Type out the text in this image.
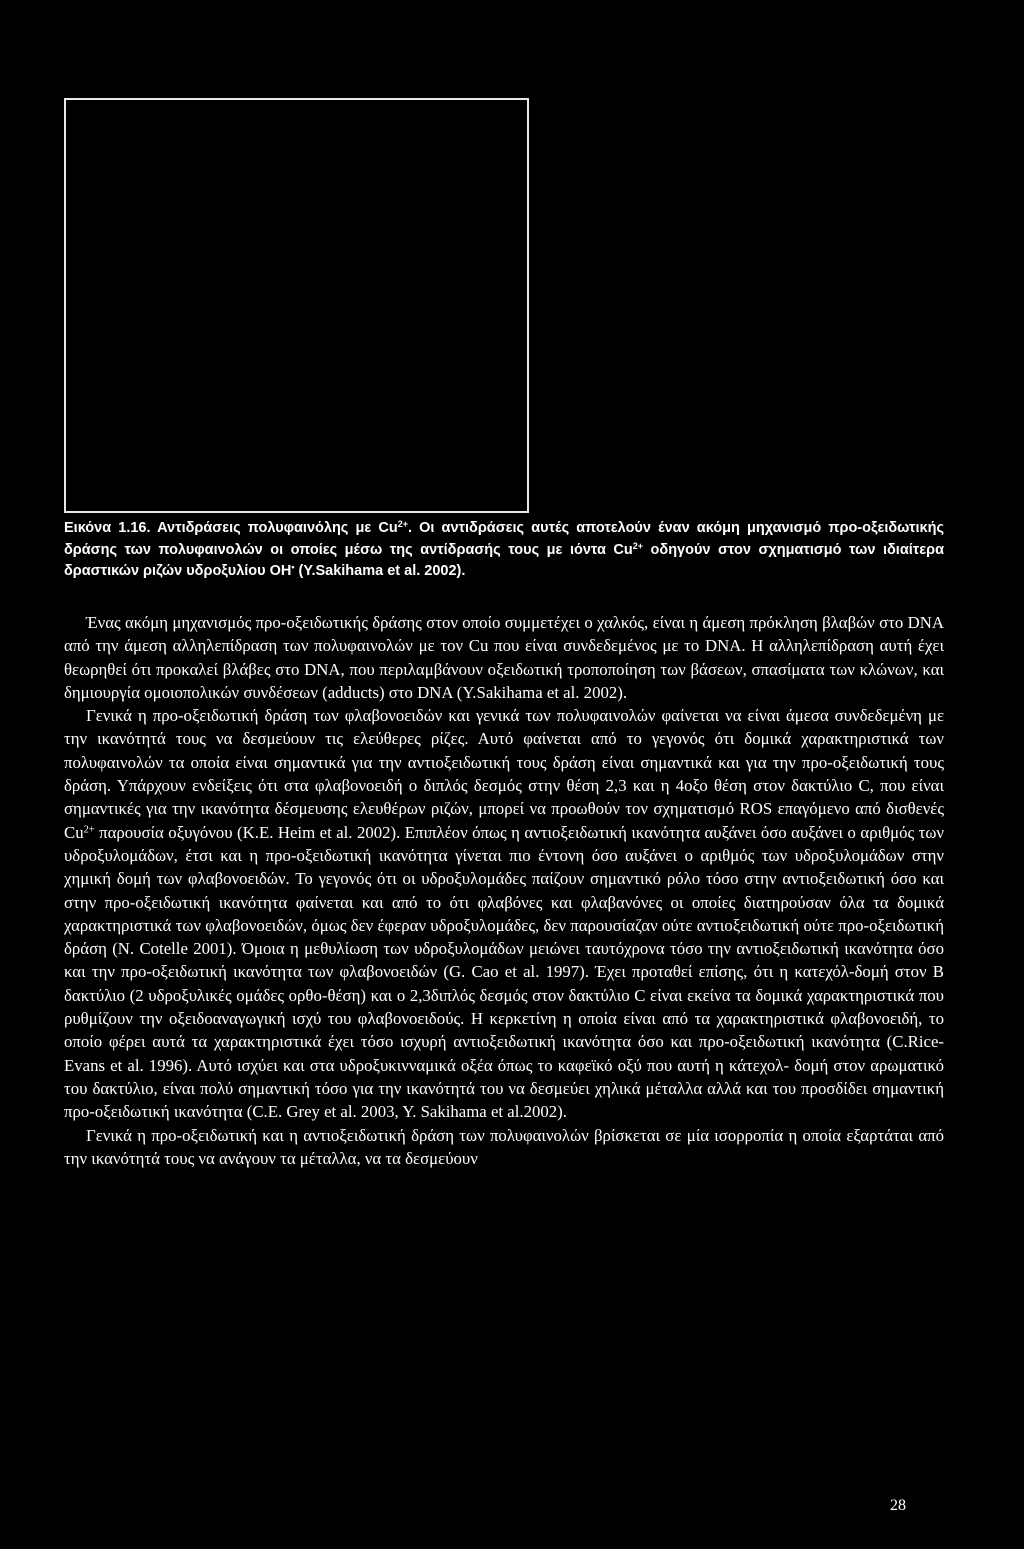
Εικόνα 1.16. Αντιδράσεις πολυφαινόλης με $Cu^{2+}$. Οι αντιδράσεις αυτές αποτελούν έναν ακόμη μηχανισμό προ-οξειδωτικής δράσης των πολυφαινολών οι οποίες μέσω της αντίδρασής τους με ιόντα $Cu^{2+}$ οδηγούν στον σχηματισμό των ιδιαίτερα δραστικών ριζών υδροξυλίου OH• (Y.Sakihama et al. 2002).

Ένας ακόμη μηχανισμός προ-οξειδωτικής δράσης στον οποίο συμμετέχει ο χαλκός, είναι η άμεση πρόκληση βλαβών στο DNA από την άμεση αλληλεπίδραση των πολυφαινολών με τον Cu που είναι συνδεδεμένος με το DNA. Η αλληλεπίδραση αυτή έχει θεωρηθεί ότι προκαλεί βλάβες στο DNA, που περιλαμβάνουν οξειδωτική τροποποίηση των βάσεων, σπασίματα των κλώνων, και δημιουργία ομοιοπολικών συνδέσεων (adducts) στο DNA (Y.Sakihama et al. 2002).

Γενικά η προ-οξειδωτική δράση των φλαβονοειδών και γενικά των πολυφαινολών φαίνεται να είναι άμεσα συνδεδεμένη με την ικανότητά τους να δεσμεύουν τις ελεύθερες ρίζες. Αυτό φαίνεται από το γεγονός ότι δομικά χαρακτηριστικά των πολυφαινολών τα οποία είναι σημαντικά για την αντιοξειδωτική τους δράση είναι σημαντικά και για την προ-οξειδωτική τους δράση. Υπάρχουν ενδείξεις ότι στα φλαβονοειδή ο διπλός δεσμός στην θέση 2,3 και η 4οξο θέση στον δακτύλιο C, που είναι σημαντικές για την ικανότητα δέσμευσης ελευθέρων ριζών, μπορεί να προωθούν τον σχηματισμό ROS επαγόμενο από δισθενές $Cu^{2+}$ παρουσία οξυγόνου (K.E. Heim et al. 2002). Επιπλέον όπως η αντιοξειδωτική ικανότητα αυξάνει όσο αυξάνει ο αριθμός των υδροξυλομάδων, έτσι και η προ-οξειδωτική ικανότητα γίνεται πιο έντονη όσο αυξάνει ο αριθμός των υδροξυλομάδων στην χημική δομή των φλαβονοειδών. Το γεγονός ότι οι υδροξυλομάδες παίζουν σημαντικό ρόλο τόσο στην αντιοξειδωτική όσο και στην προ-οξειδωτική ικανότητα φαίνεται και από το ότι φλαβόνες και φλαβανόνες οι οποίες διατηρούσαν όλα τα δομικά χαρακτηριστικά των φλαβονοειδών, όμως δεν έφεραν υδροξυλομάδες, δεν παρουσίαζαν ούτε αντιοξειδωτική ούτε προ-οξειδωτική δράση (N. Cotelle 2001). Όμοια η μεθυλίωση των υδροξυλομάδων μειώνει ταυτόχρονα τόσο την αντιοξειδωτική ικανότητα όσο και την προ-οξειδωτική ικανότητα των φλαβονοειδών (G. Cao et al. 1997). Έχει προταθεί επίσης, ότι η κατεχόλ-δομή στον B δακτύλιο (2 υδροξυλικές ομάδες ορθο-θέση) και ο 2,3διπλός δεσμός στον δακτύλιο C είναι εκείνα τα δομικά χαρακτηριστικά που ρυθμίζουν την οξειδοαναγωγική ισχύ του φλαβονοειδούς. Η κερκετίνη η οποία είναι από τα χαρακτηριστικά φλαβονοειδή, το οποίο φέρει αυτά τα χαρακτηριστικά έχει τόσο ισχυρή αντιοξειδωτική ικανότητα όσο και προ-οξειδωτική ικανότητα (C.Rice-Evans et al. 1996). Αυτό ισχύει και στα υδροξυκινναμικά οξέα όπως το καφεϊκό οξύ που αυτή η κάτεχολ- δομή στον αρωματικό του δακτύλιο, είναι πολύ σημαντική τόσο για την ικανότητά του να δεσμεύει χηλικά μέταλλα αλλά και του προσδίδει σημαντική προ-οξειδωτική ικανότητα (C.E. Grey et al. 2003, Y. Sakihama et al.2002).

Γενικά η προ-οξειδωτική και η αντιοξειδωτική δράση των πολυφαινολών βρίσκεται σε μία ισορροπία η οποία εξαρτάται από την ικανότητά τους να ανάγουν τα μέταλλα, να τα δεσμεύουν

28
